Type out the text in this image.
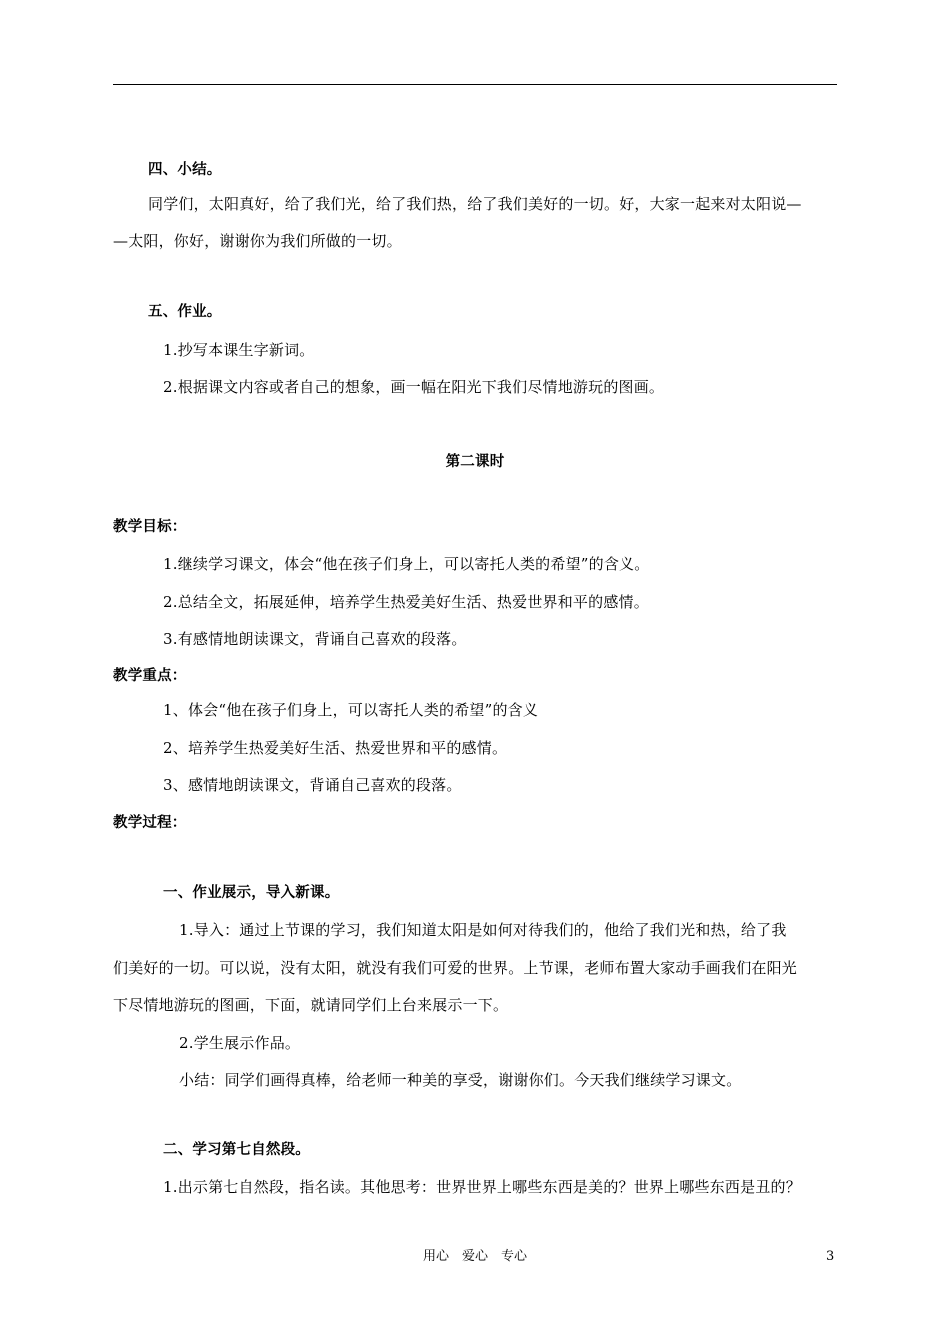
四、小结。
同学们，太阳真好，给了我们光，给了我们热，给了我们美好的一切。好，大家一起来对太阳说—
—太阳，你好，谢谢你为我们所做的一切。
五、作业。
1.抄写本课生字新词。
2.根据课文内容或者自己的想象，画一幅在阳光下我们尽情地游玩的图画。
第二课时
教学目标：
1.继续学习课文，体会“他在孩子们身上，可以寄托人类的希望”的含义。
2.总结全文，拓展延伸，培养学生热爱美好生活、热爱世界和平的感情。
3.有感情地朗读课文，背诵自己喜欢的段落。
教学重点：
1、体会“他在孩子们身上，可以寄托人类的希望”的含义
2、培养学生热爱美好生活、热爱世界和平的感情。
3、感情地朗读课文，背诵自己喜欢的段落。
教学过程：
一、作业展示，导入新课。
1.导入：通过上节课的学习，我们知道太阳是如何对待我们的，他给了我们光和热，给了我
们美好的一切。可以说，没有太阳，就没有我们可爱的世界。上节课，老师布置大家动手画我们在阳光
下尽情地游玩的图画，下面，就请同学们上台来展示一下。
2.学生展示作品。
小结：同学们画得真棒，给老师一种美的享受，谢谢你们。今天我们继续学习课文。
二、学习第七自然段。
1.出示第七自然段，指名读。其他思考：世界世界上哪些东西是美的？世界上哪些东西是丑的？
用心　爱心　专心	3
